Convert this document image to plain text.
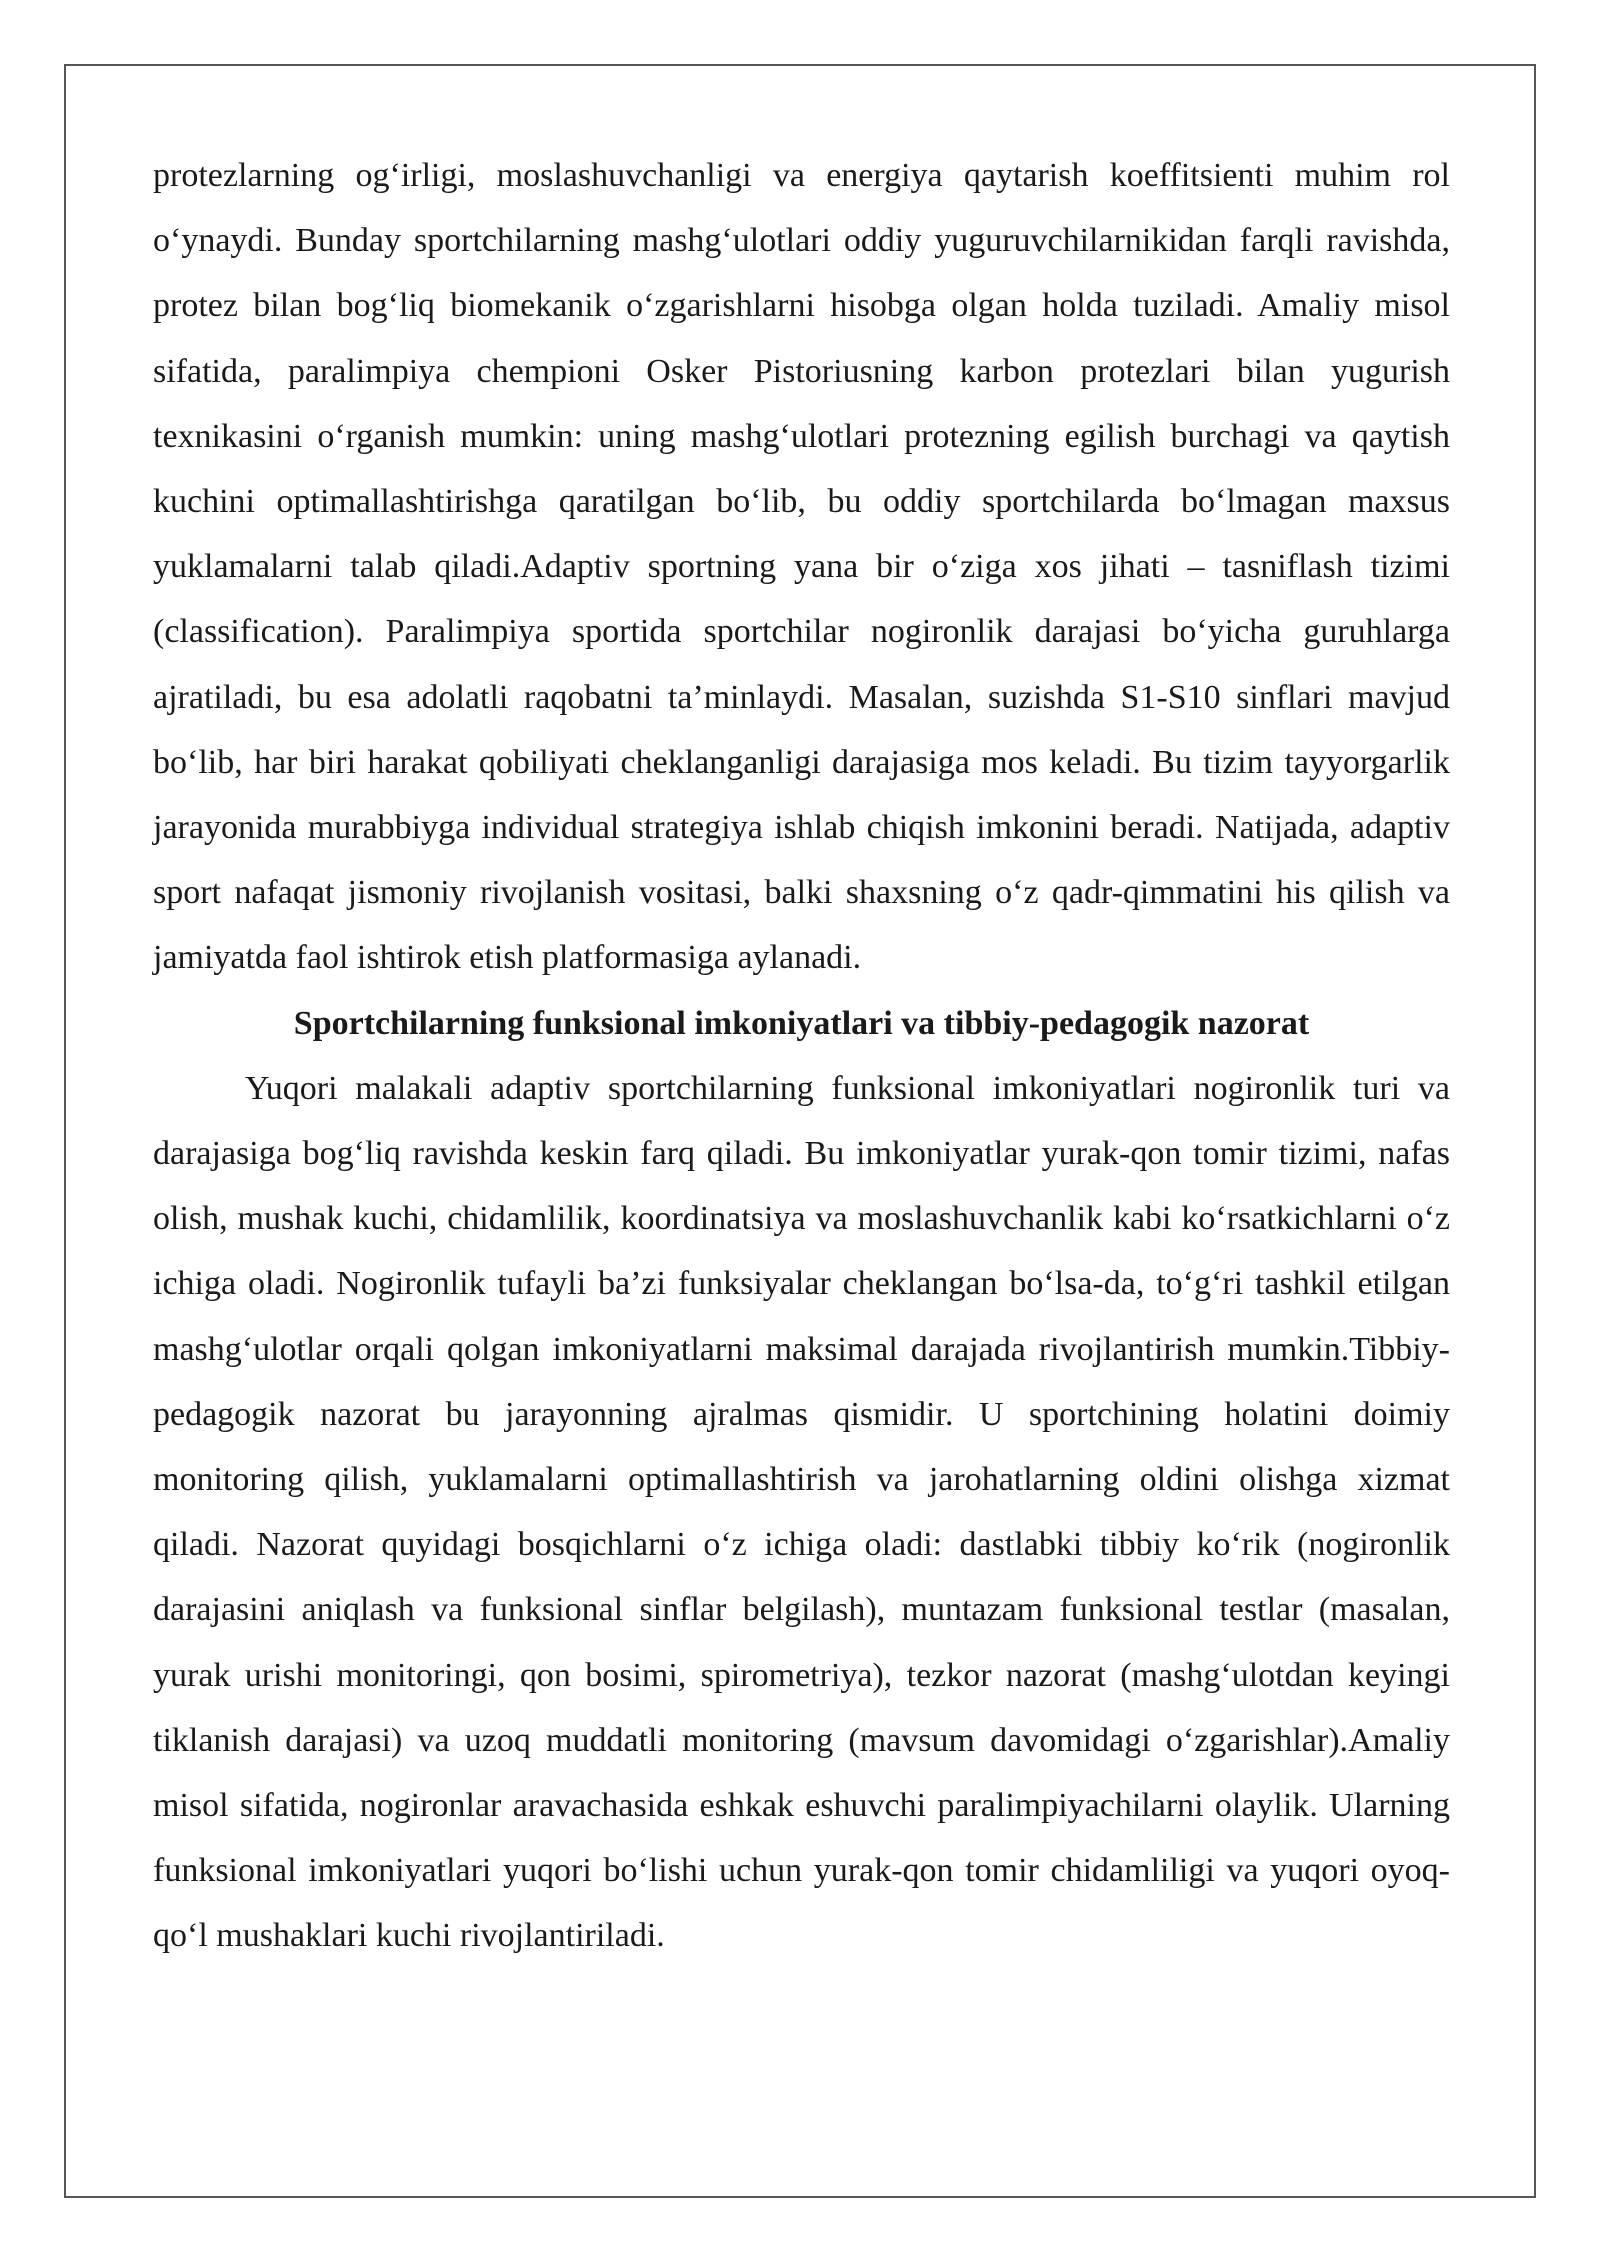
protezlarning og‘irligi, moslashuvchanligi va energiya qaytarish koeffitsienti muhim rol o‘ynaydi. Bunday sportchilarning mashg‘ulotlari oddiy yuguruvchilarnikidan farqli ravishda, protez bilan bog‘liq biomekanik o‘zgarishlarni hisobga olgan holda tuziladi. Amaliy misol sifatida, paralimpiya chempioni Osker Pistoriusning karbon protezlari bilan yugurish texnikasini o‘rganish mumkin: uning mashg‘ulotlari protezning egilish burchagi va qaytish kuchini optimallashtirishga qaratilgan bo‘lib, bu oddiy sportchilarda bo‘lmagan maxsus yuklamalarni talab qiladi.Adaptiv sportning yana bir o‘ziga xos jihati – tasniflash tizimi (classification). Paralimpiya sportida sportchilar nogironlik darajasi bo‘yicha guruhlarga ajratiladi, bu esa adolatli raqobatni ta’minlaydi. Masalan, suzishda S1-S10 sinflari mavjud bo‘lib, har biri harakat qobiliyati cheklanganligi darajasiga mos keladi. Bu tizim tayyorgarlik jarayonida murabbiyga individual strategiya ishlab chiqish imkonini beradi. Natijada, adaptiv sport nafaqat jismoniy rivojlanish vositasi, balki shaxsning o‘z qadr-qimmatini his qilish va jamiyatda faol ishtirok etish platformasiga aylanadi.

Sportchilarning funksional imkoniyatlari va tibbiy-pedagogik nazorat

Yuqori malakali adaptiv sportchilarning funksional imkoniyatlari nogironlik turi va darajasiga bog‘liq ravishda keskin farq qiladi. Bu imkoniyatlar yurak-qon tomir tizimi, nafas olish, mushak kuchi, chidamlilik, koordinatsiya va moslashuvchanlik kabi ko‘rsatkichlarni o‘z ichiga oladi. Nogironlik tufayli ba’zi funksiyalar cheklangan bo‘lsa-da, to‘g‘ri tashkil etilgan mashg‘ulotlar orqali qolgan imkoniyatlarni maksimal darajada rivojlantirish mumkin.Tibbiy-pedagogik nazorat bu jarayonning ajralmas qismidir. U sportchining holatini doimiy monitoring qilish, yuklamalarni optimallashtirish va jarohatlarning oldini olishga xizmat qiladi. Nazorat quyidagi bosqichlarni o‘z ichiga oladi: dastlabki tibbiy ko‘rik (nogironlik darajasini aniqlash va funksional sinflar belgilash), muntazam funksional testlar (masalan, yurak urishi monitoringi, qon bosimi, spirometriya), tezkor nazorat (mashg‘ulotdan keyingi tiklanish darajasi) va uzoq muddatli monitoring (mavsum davomidagi o‘zgarishlar).Amaliy misol sifatida, nogironlar aravachasida eshkak eshuvchi paralimpiyachilarni olaylik. Ularning funksional imkoniyatlari yuqori bo‘lishi uchun yurak-qon tomir chidamliligi va yuqori oyoq-qo‘l mushaklari kuchi rivojlantiriladi.
